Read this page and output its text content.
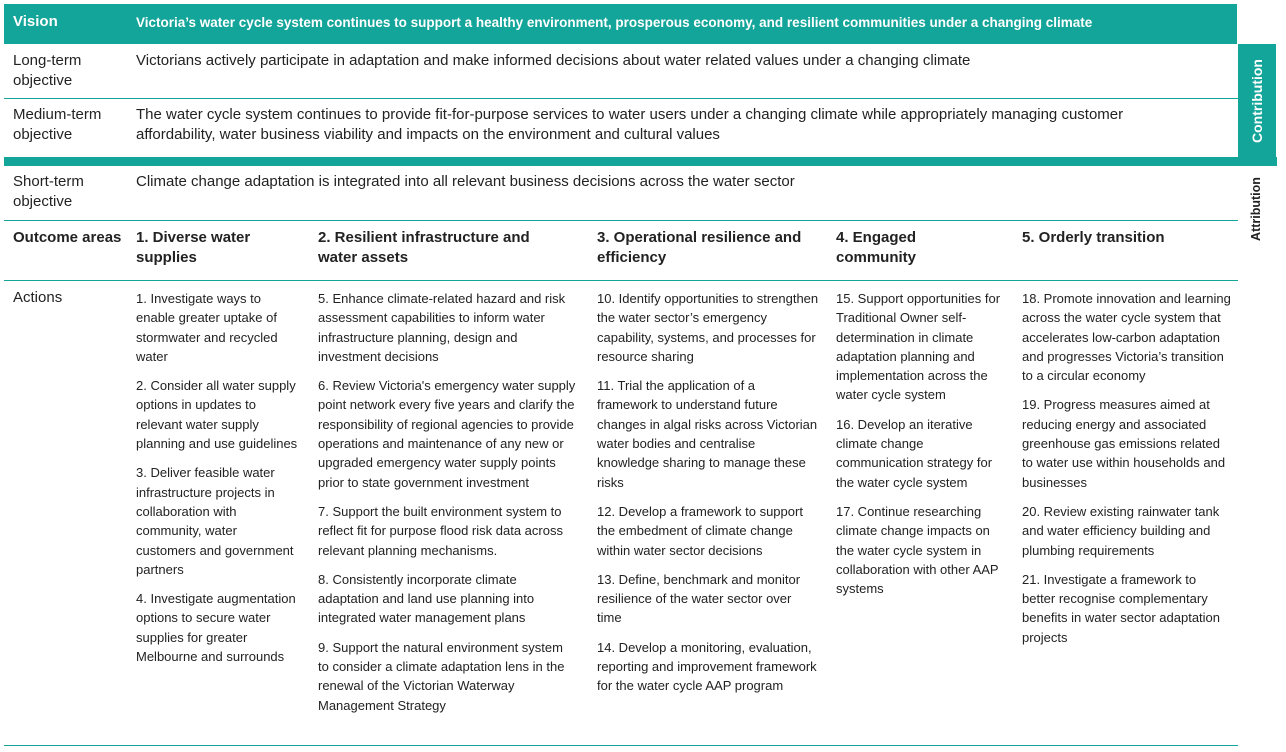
Vision	Victoria’s water cycle system continues to support a healthy environment, prosperous economy, and resilient communities under a changing climate
Contribution
Long-term objective
Victorians actively participate in adaptation and make informed decisions about water related values under a changing climate
Medium-term objective
The water cycle system continues to provide fit-for-purpose services to water users under a changing climate while appropriately managing customer affordability, water business viability and impacts on the environment and cultural values
Attribution
Short-term objective
Climate change adaptation is integrated into all relevant business decisions across the water sector
Outcome areas 1. Diverse water supplies
2. Resilient infrastructure and water assets
3. Operational resilience and efficiency
4. Engaged community
5. Orderly transition
Actions	1. Investigate ways to enable greater uptake of stormwater and recycled water

2. Consider all water supply options in updates to relevant water supply planning and use guidelines

3. Deliver feasible water infrastructure projects in collaboration with community, water customers and government partners

4. Investigate augmentation options to secure water supplies for greater Melbourne and surrounds

5. Enhance climate-related hazard and risk assessment capabilities to inform water infrastructure planning, design and investment decisions

6. Review Victoria's emergency water supply point network every five years and clarify the responsibility of regional agencies to provide operations and maintenance of any new or upgraded emergency water supply points prior to state government investment

7. Support the built environment system to reflect fit for purpose flood risk data across relevant planning mechanisms.

8. Consistently incorporate climate adaptation and land use planning into integrated water management plans

9. Support the natural environment system to consider a climate adaptation lens in the renewal of the Victorian Waterway Management Strategy

10. Identify opportunities to strengthen the water sector’s emergency capability, systems, and processes for resource sharing

11. Trial the application of a framework to understand future changes in algal risks across Victorian water bodies and centralise knowledge sharing to manage these risks

12. Develop a framework to support the embedment of climate change within water sector decisions

13. Define, benchmark and monitor resilience of the water sector over time

14. Develop a monitoring, evaluation, reporting and improvement framework for the water cycle AAP program

15. Support opportunities for Traditional Owner self-determination in climate adaptation planning and implementation across the water cycle system

16. Develop an iterative climate change communication strategy for the water cycle system

17. Continue researching climate change impacts on the water cycle system in collaboration with other AAP systems

18. Promote innovation and learning across the water cycle system that accelerates low-carbon adaptation and progresses Victoria’s transition to a circular economy

19. Progress measures aimed at reducing energy and associated greenhouse gas emissions related to water use within households and businesses

20. Review existing rainwater tank and water efficiency building and plumbing requirements

21. Investigate a framework to better recognise complementary benefits in water sector adaptation projects
